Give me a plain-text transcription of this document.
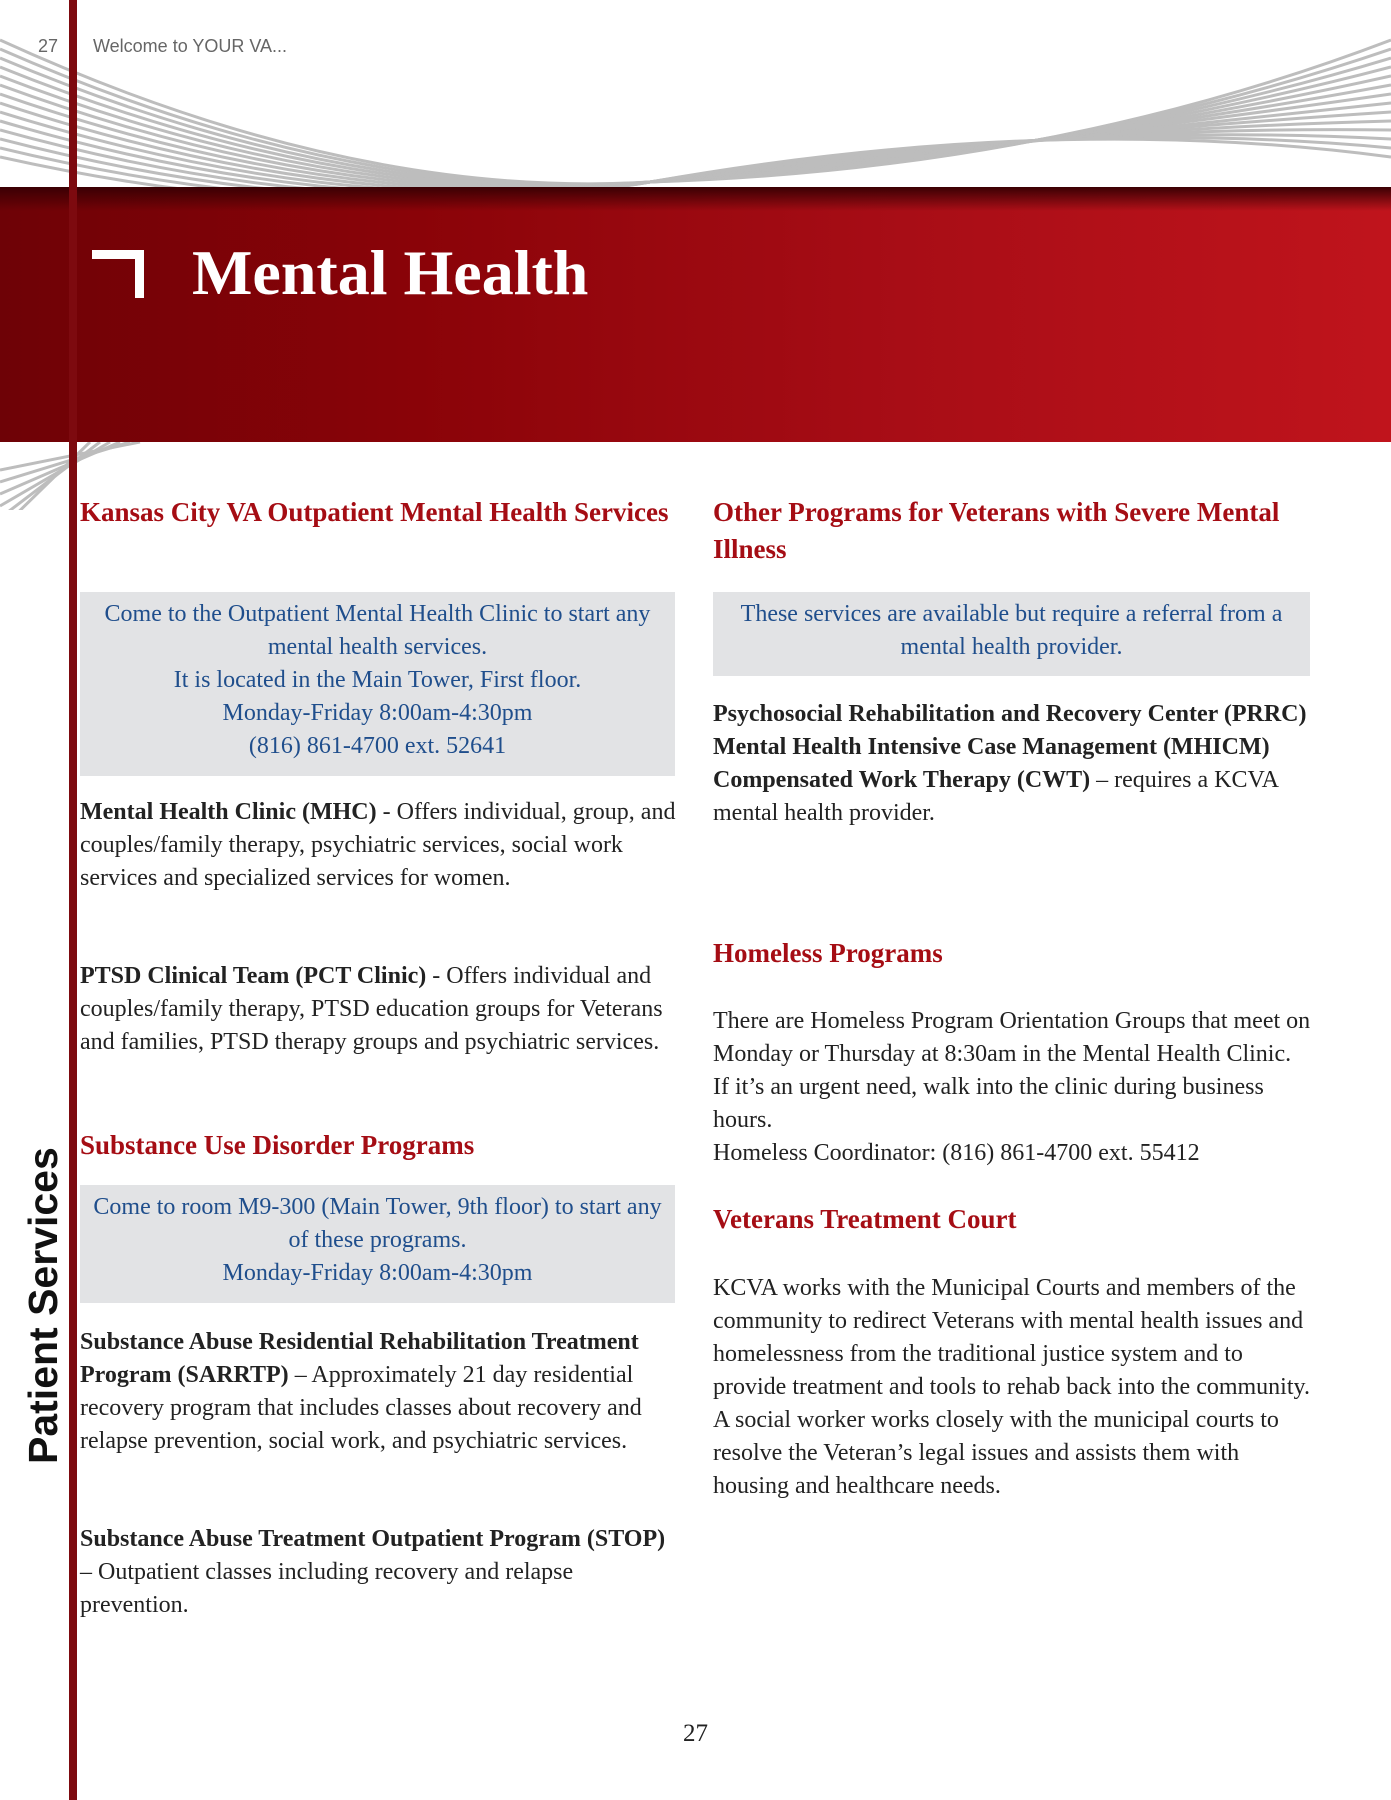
27 Welcome to YOUR VA...
Mental Health
Patient Services
Kansas City VA Outpatient Mental Health Services
Come to the Outpatient Mental Health Clinic to start any mental health services.
It is located in the Main Tower, First floor.
Monday-Friday 8:00am-4:30pm
(816) 861-4700 ext. 52641
Mental Health Clinic (MHC) - Offers individual, group, and couples/family therapy, psychiatric services, social work services and specialized services for women.
PTSD Clinical Team (PCT Clinic) - Offers individual and couples/family therapy, PTSD education groups for Veterans and families, PTSD therapy groups and psychiatric services.
Substance Use Disorder Programs
Come to room M9-300 (Main Tower, 9th floor) to start any of these programs.
Monday-Friday 8:00am-4:30pm
Substance Abuse Residential Rehabilitation Treatment Program (SARRTP) – Approximately 21 day residential recovery program that includes classes about recovery and relapse prevention, social work, and psychiatric services.
Substance Abuse Treatment Outpatient Program (STOP) – Outpatient classes including recovery and relapse prevention.
Other Programs for Veterans with Severe Mental Illness
These services are available but require a referral from a mental health provider.
Psychosocial Rehabilitation and Recovery Center (PRRC)
Mental Health Intensive Case Management (MHICM)
Compensated Work Therapy (CWT) – requires a KCVA mental health provider.
Homeless Programs
There are Homeless Program Orientation Groups that meet on Monday or Thursday at 8:30am in the Mental Health Clinic. If it’s an urgent need, walk into the clinic during business hours.
Homeless Coordinator: (816) 861-4700 ext. 55412
Veterans Treatment Court
KCVA works with the Municipal Courts and members of the community to redirect Veterans with mental health issues and homelessness from the traditional justice system and to provide treatment and tools to rehab back into the community. A social worker works closely with the municipal courts to resolve the Veteran’s legal issues and assists them with housing and healthcare needs.
27
